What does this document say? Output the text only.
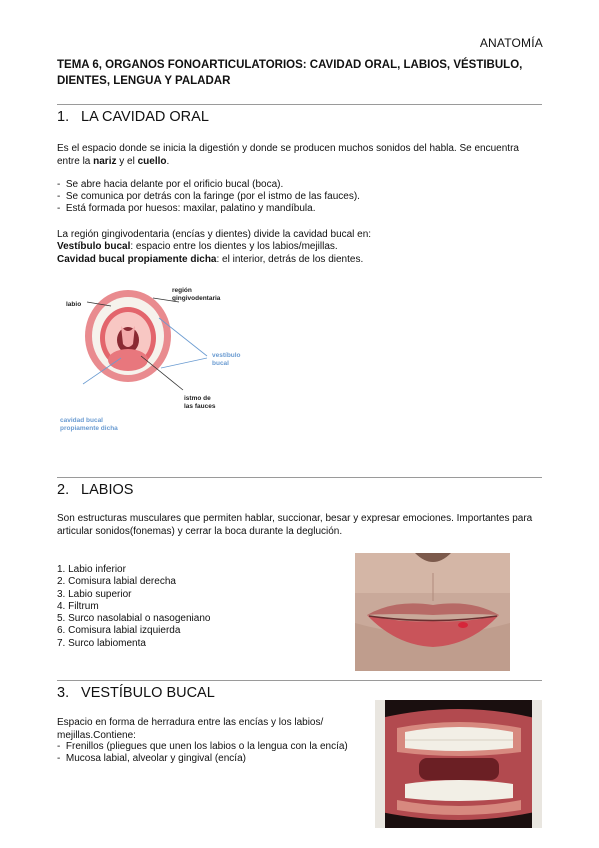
ANATOMÍA
TEMA 6, ORGANOS FONOARTICULATORIOS: CAVIDAD ORAL, LABIOS, VÉSTIBULO, DIENTES, LENGUA Y PALADAR
1. LA CAVIDAD ORAL
Es el espacio donde se inicia la digestión y donde se producen muchos sonidos del habla. Se encuentra entre la nariz y el cuello.
-  Se abre hacia delante por el orificio bucal (boca).
-  Se comunica por detrás con la faringe (por el istmo de las fauces).
-  Está formada por huesos: maxilar, palatino y mandíbula.
La región gingivodentaria (encías y dientes) divide la cavidad bucal en:
Vestíbulo bucal: espacio entre los dientes y los labios/mejillas.
Cavidad bucal propiamente dicha: el interior, detrás de los dientes.
labio
región
gingivodentaria
vestíbulo
bucal
istmo de
las fauces
cavidad bucal
propiamente dicha
2. LABIOS
Son estructuras musculares que permiten hablar, succionar, besar y expresar emociones. Importantes para articular sonidos(fonemas) y cerrar la boca durante la deglución.
1. Labio inferior
2. Comisura labial derecha
3. Labio superior
4. Filtrum
5. Surco nasolabial o nasogeniano
6. Comisura labial izquierda
7. Surco labiomenta
3. VESTÍBULO BUCAL
Espacio en forma de herradura entre las encías y los labios/ mejillas.Contiene:
-  Frenillos (pliegues que unen los labios o la lengua con la encía)
-  Mucosa labial, alveolar y gingival (encía)
